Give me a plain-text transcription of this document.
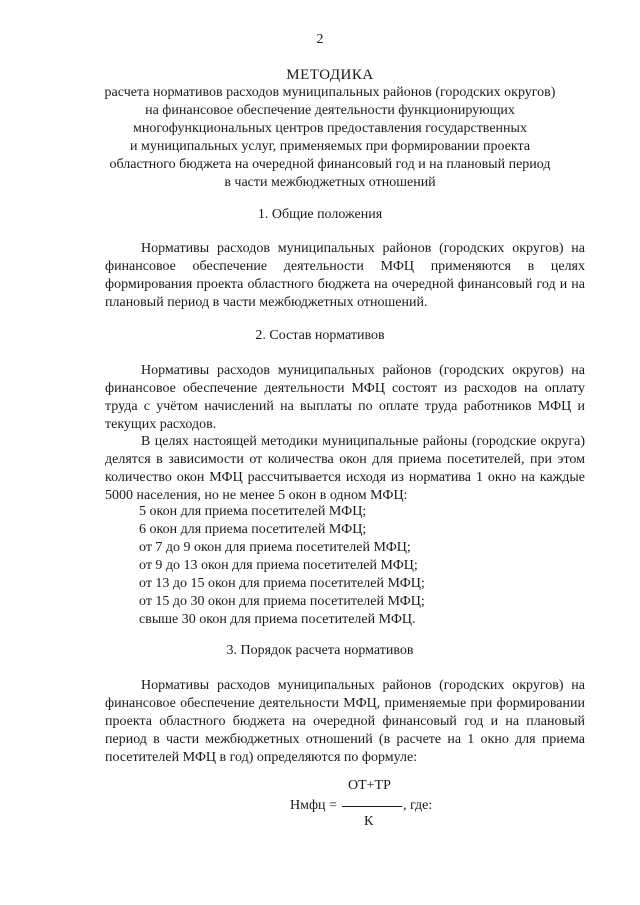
2
МЕТОДИКА
расчета нормативов расходов муниципальных районов (городских округов)
на финансовое обеспечение деятельности функционирующих
многофункциональных центров предоставления государственных
и муниципальных услуг, применяемых при формировании проекта
областного бюджета на очередной финансовый год и на плановый период
в части межбюджетных отношений
1. Общие положения

Нормативы расходов муниципальных районов (городских округов) на финансовое обеспечение деятельности МФЦ применяются в целях формирования проекта областного бюджета на очередной финансовый год и на плановый период в части межбюджетных отношений.

2. Состав нормативов

Нормативы расходов муниципальных районов (городских округов) на финансовое обеспечение деятельности МФЦ состоят из расходов на оплату труда с учётом начислений на выплаты по оплате труда работников МФЦ и текущих расходов.

В целях настоящей методики муниципальные районы (городские округа) делятся в зависимости от количества окон для приема посетителей, при этом количество окон МФЦ рассчитывается исходя из норматива 1 окно на каждые 5000 населения, но не менее 5 окон в одном МФЦ:

5 окон для приема посетителей МФЦ;
6 окон для приема посетителей МФЦ;
от 7 до 9 окон для приема посетителей МФЦ;
от 9 до 13 окон для приема посетителей МФЦ;
от 13 до 15 окон для приема посетителей МФЦ;
от 15 до 30 окон для приема посетителей МФЦ;
свыше 30 окон для приема посетителей МФЦ.
3. Порядок расчета нормативов

Нормативы расходов муниципальных районов (городских округов) на финансовое обеспечение деятельности МФЦ, применяемые при формировании проекта областного бюджета на очередной финансовый год и на плановый период в части межбюджетных отношений (в расчете на 1 окно для приема посетителей МФЦ в год) определяются по формуле:

ОТ+ТР
Нмфц =	, где:
К
